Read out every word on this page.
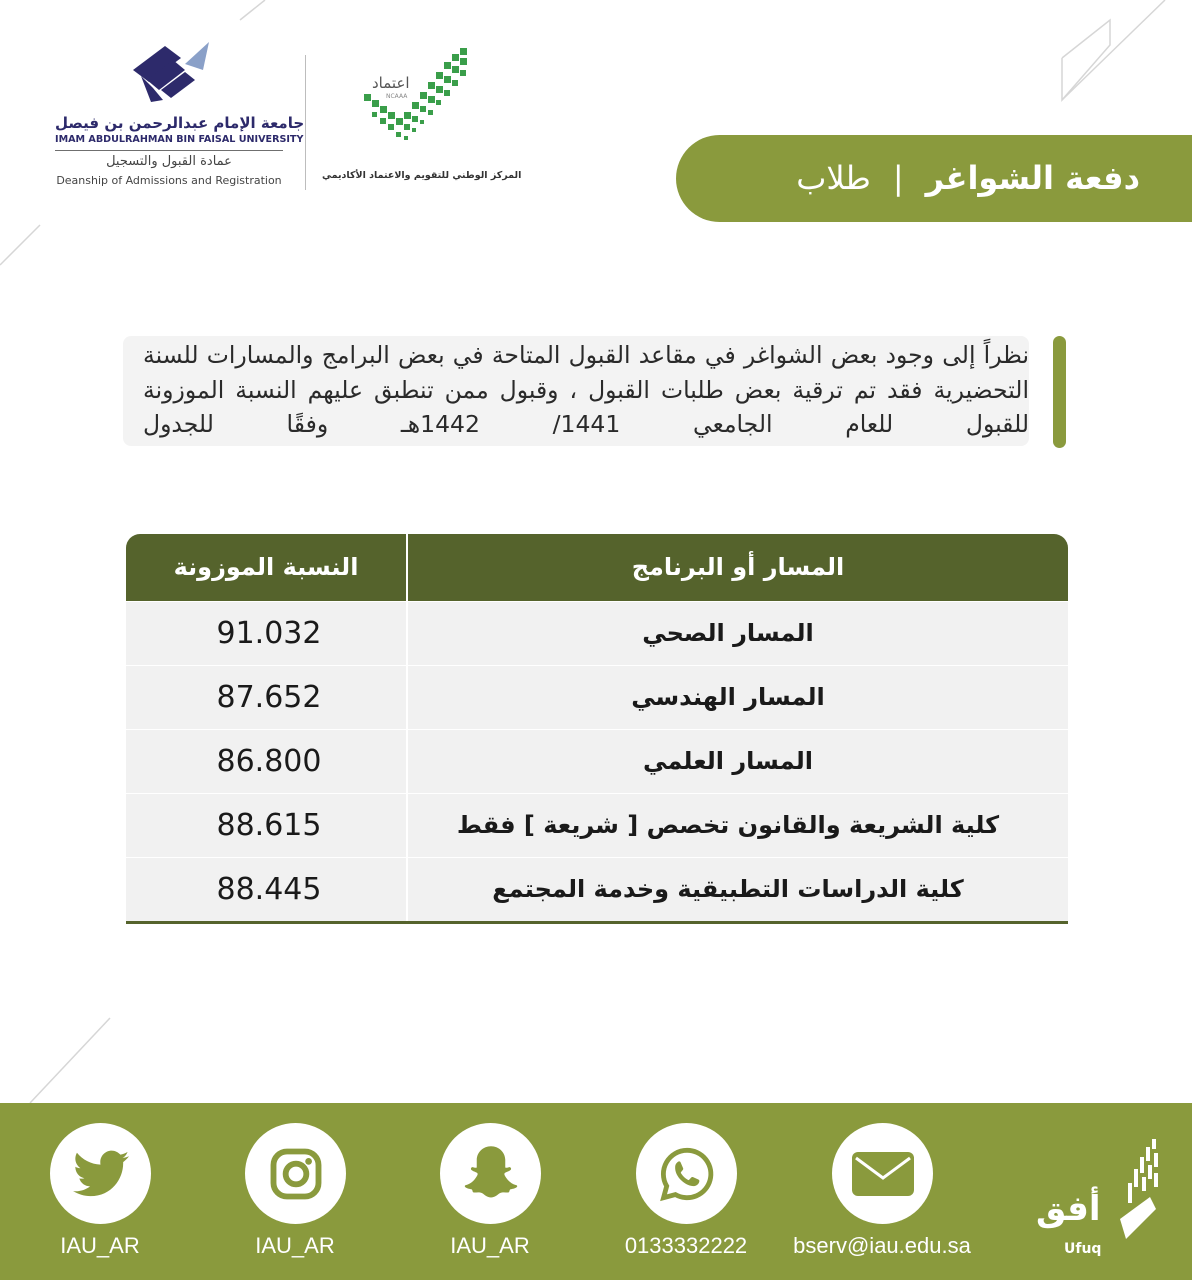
جامعة الإمام عبدالرحمن بن فيصل
IMAM ABDULRAHMAN BIN FAISAL UNIVERSITY
عمادة القبول والتسجيل
Deanship of Admissions and Registration
اعتماد
NCAAA
المركز الوطني للتقويم والاعتماد الأكاديمي	دفعة الشواغر|طلاب
نظراً إلى وجود بعض الشواغر في مقاعد القبول المتاحة في بعض البرامج والمسارات للسنة التحضيرية فقد تم ترقية بعض طلبات القبول ، وقبول ممن تنطبق عليهم النسبة الموزونة للقبول للعام الجامعي 1441/ 1442هـ وفقًا للجدول
المسار أو البرنامج
النسبة الموزونة
المسار الصحي
91.032
المسار الهندسي
87.652
المسار العلمي
86.800
كلية الشريعة والقانون تخصص [ شريعة ] فقط
88.615
كلية الدراسات التطبيقية وخدمة المجتمع
88.445
IAU_AR	IAU_AR	IAU_AR	0133332222	bserv@iau.edu.sa
أفق
Ufuq
